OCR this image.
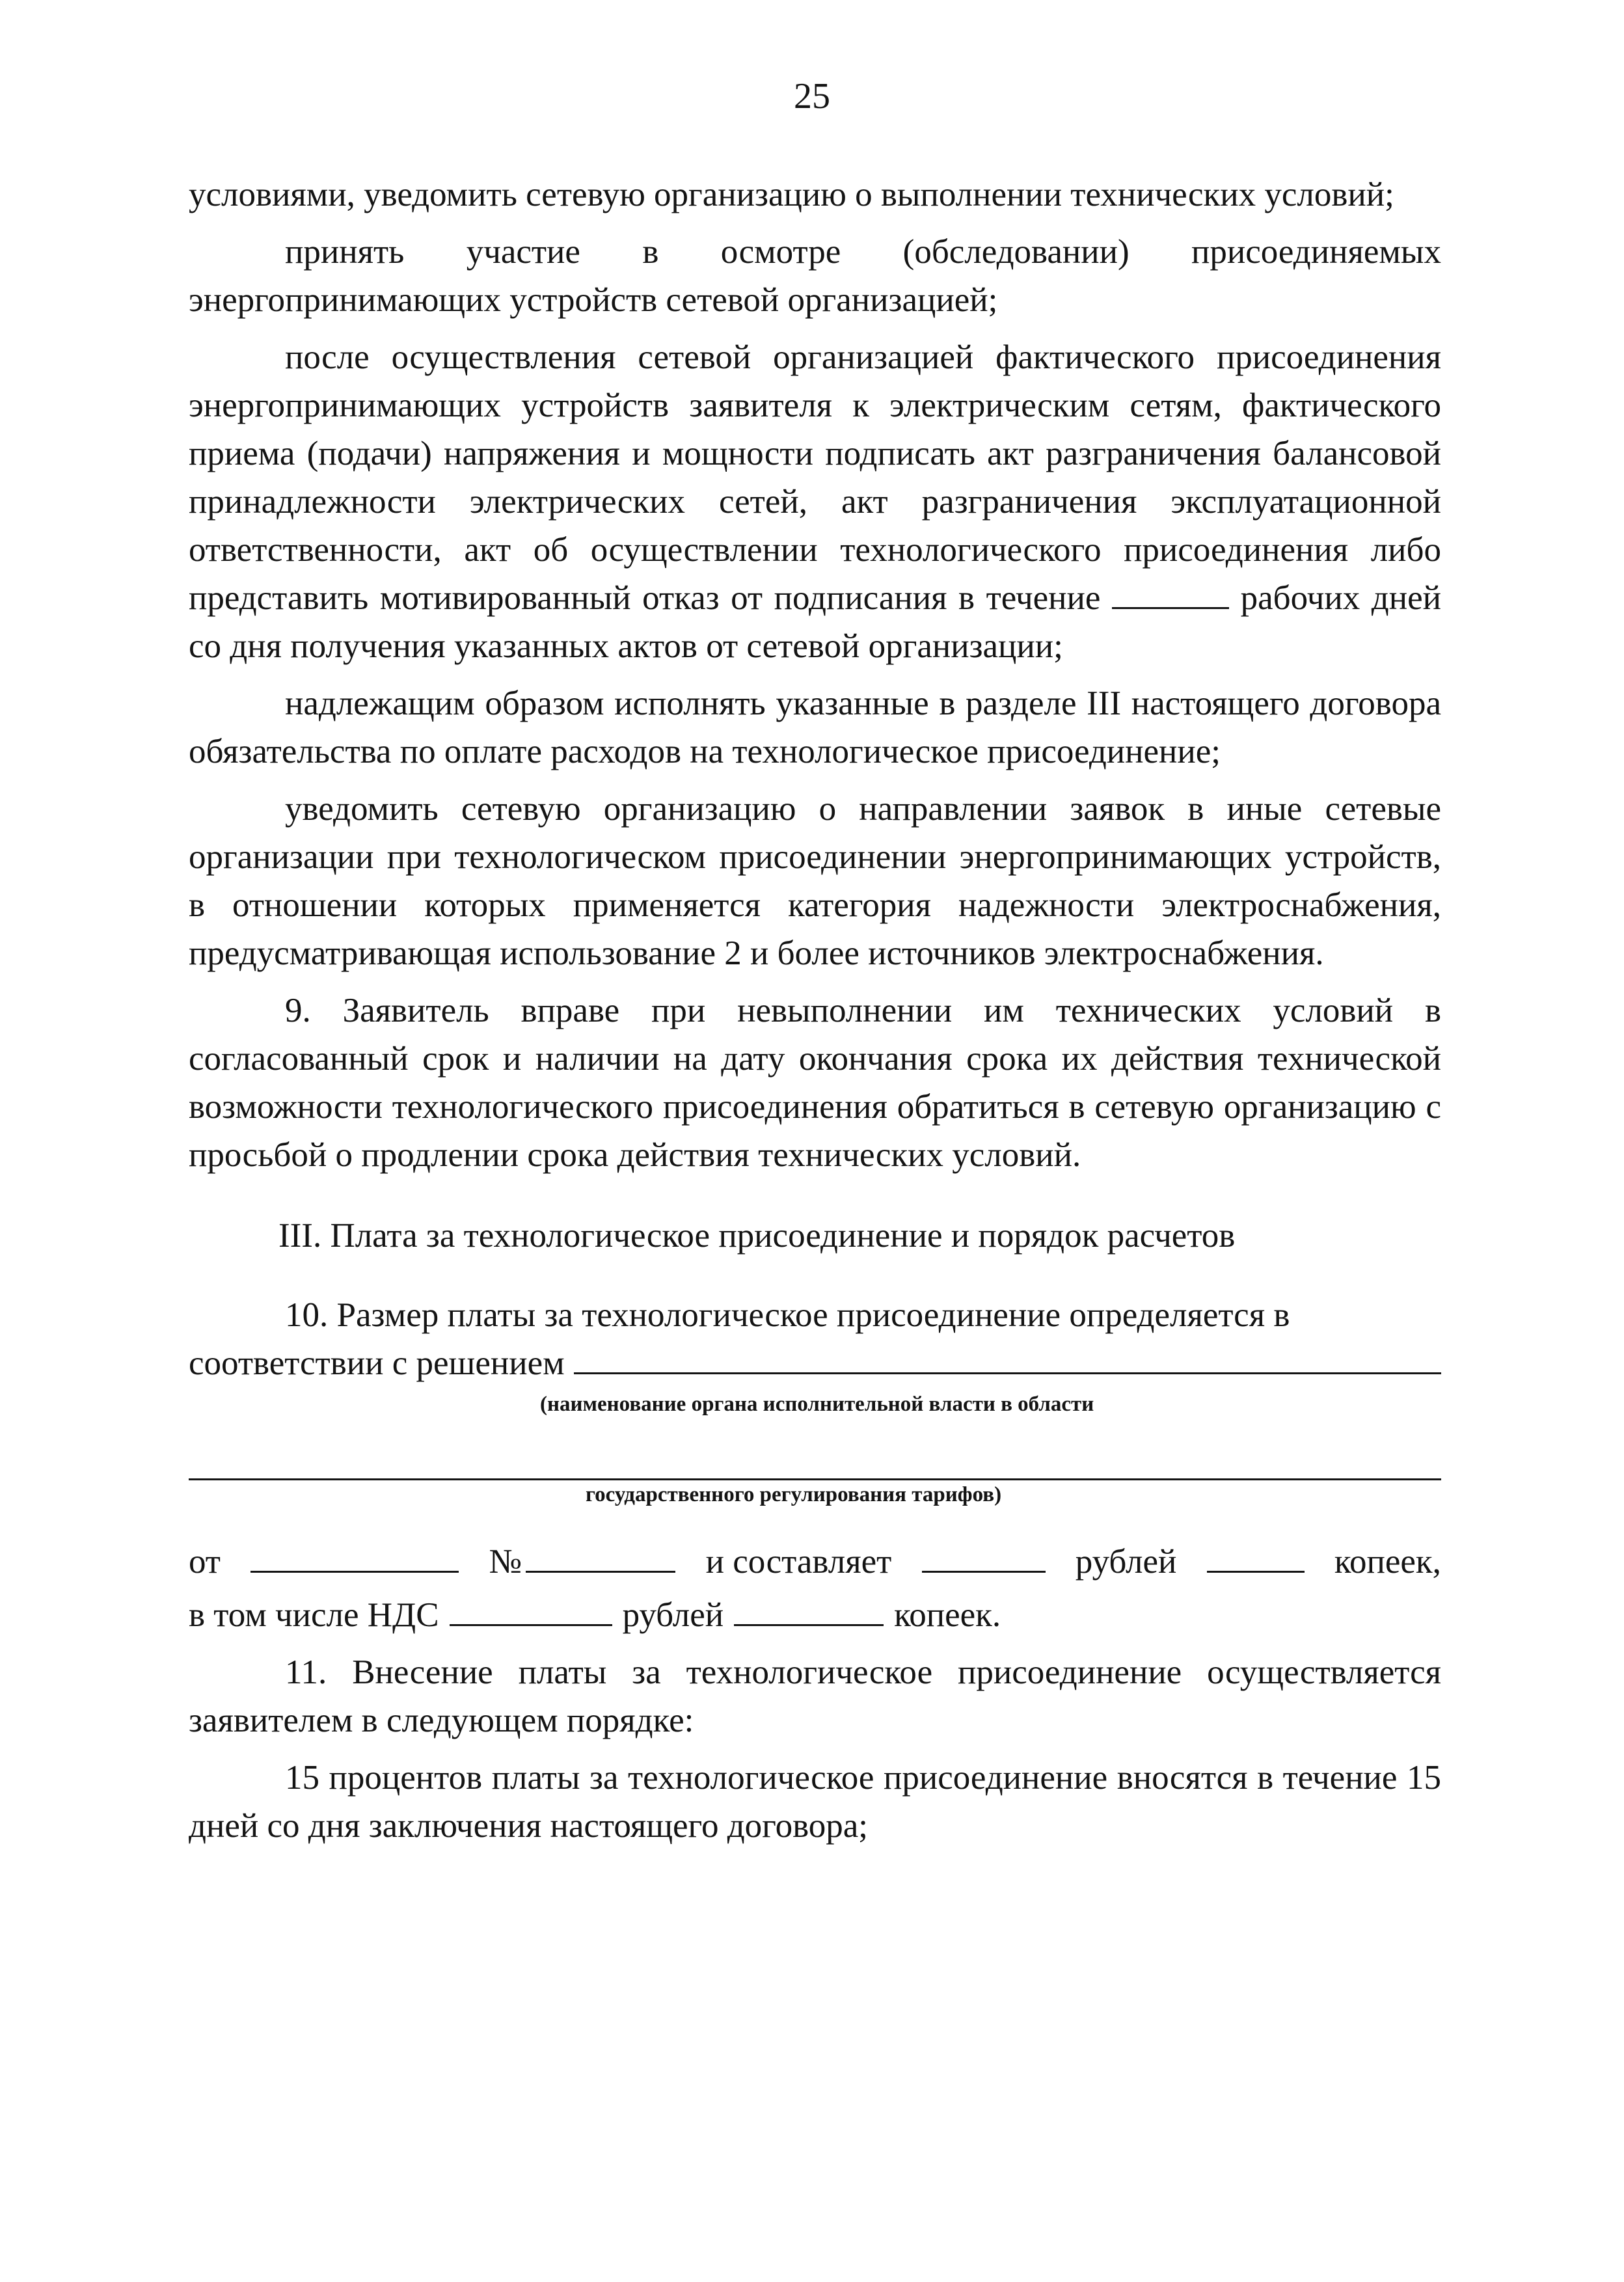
25

условиями, уведомить сетевую организацию о выполнении технических условий;

принять участие в осмотре (обследовании) присоединяемых энергопринимающих устройств сетевой организацией;

после осуществления сетевой организацией фактического присоединения энергопринимающих устройств заявителя к электрическим сетям, фактического приема (подачи) напряжения и мощности подписать акт разграничения балансовой принадлежности электрических сетей, акт разграничения эксплуатационной ответственности, акт об осуществлении технологического присоединения либо представить мотивированный отказ от подписания в течение	рабочих дней со дня получения указанных актов от сетевой организации;

надлежащим образом исполнять указанные в разделе III настоящего договора обязательства по оплате расходов на технологическое присоединение;

уведомить сетевую организацию о направлении заявок в иные сетевые организации при технологическом присоединении энергопринимающих устройств, в отношении которых применяется категория надежности электроснабжения, предусматривающая использование 2 и более источников электроснабжения.

9. Заявитель вправе при невыполнении им технических условий в согласованный срок и наличии на дату окончания срока их действия технической возможности технологического присоединения обратиться в сетевую организацию с просьбой о продлении срока действия технических условий.

III. Плата за технологическое присоединение и порядок расчетов

10. Размер платы за технологическое присоединение определяется в

соответствии с решением
(наименование органа исполнительной власти в области
государственного регулирования тарифов)
от	№	и составляет	рублей	копеек,
в том числе НДС	рублей	копеек.

11. Внесение платы за технологическое присоединение осуществляется заявителем в следующем порядке:

15 процентов платы за технологическое присоединение вносятся в течение 15 дней со дня заключения настоящего договора;
